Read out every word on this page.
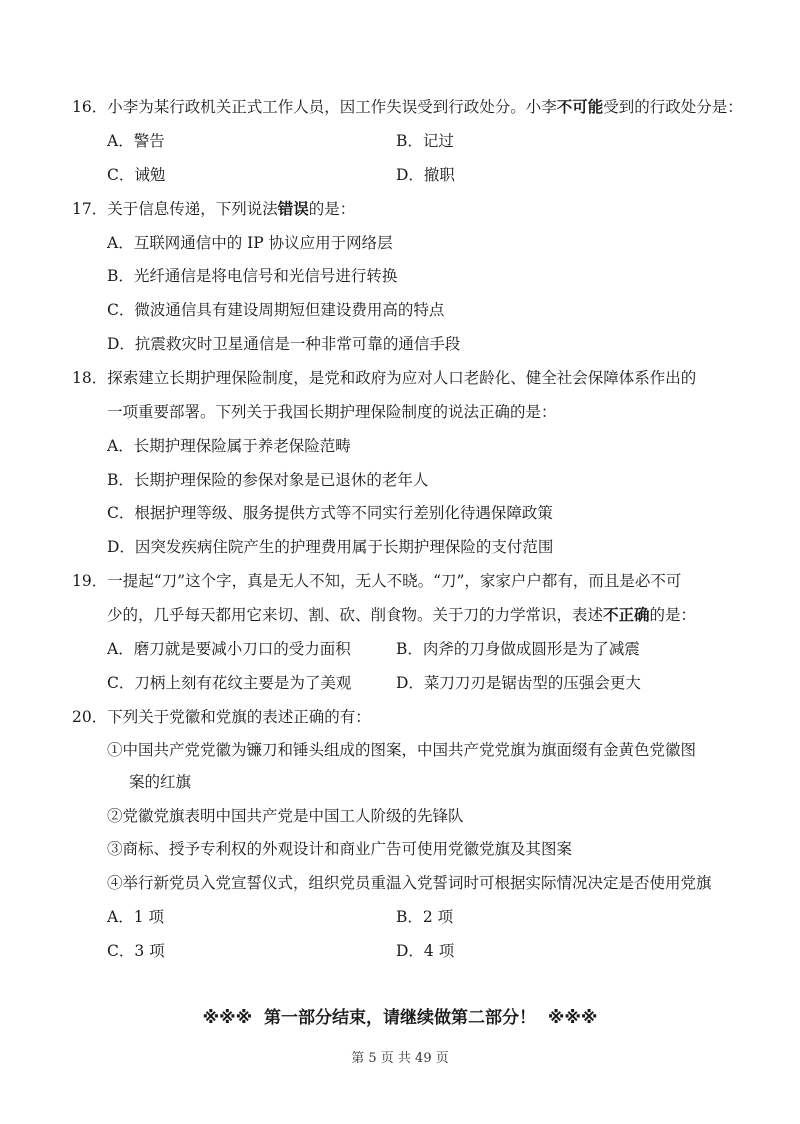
16．小李为某行政机关正式工作人员，因工作失误受到行政处分。小李不可能受到的行政处分是：
A．警告	B．记过
C．诫勉	D．撤职
17．关于信息传递，下列说法错误的是：
A．互联网通信中的 IP 协议应用于网络层
B．光纤通信是将电信号和光信号进行转换
C．微波通信具有建设周期短但建设费用高的特点
D．抗震救灾时卫星通信是一种非常可靠的通信手段
18．探索建立长期护理保险制度，是党和政府为应对人口老龄化、健全社会保障体系作出的
一项重要部署。下列关于我国长期护理保险制度的说法正确的是：
A．长期护理保险属于养老保险范畴
B．长期护理保险的参保对象是已退休的老年人
C．根据护理等级、服务提供方式等不同实行差别化待遇保障政策
D．因突发疾病住院产生的护理费用属于长期护理保险的支付范围
19．一提起“刀”这个字，真是无人不知，无人不晓。“刀”，家家户户都有，而且是必不可
少的，几乎每天都用它来切、割、砍、削食物。关于刀的力学常识，表述不正确的是：
A．磨刀就是要减小刀口的受力面积	B．肉斧的刀身做成圆形是为了减震
C．刀柄上刻有花纹主要是为了美观	D．菜刀刀刃是锯齿型的压强会更大
20．下列关于党徽和党旗的表述正确的有：
①中国共产党党徽为镰刀和锤头组成的图案，中国共产党党旗为旗面缀有金黄色党徽图
案的红旗
②党徽党旗表明中国共产党是中国工人阶级的先锋队
③商标、授予专利权的外观设计和商业广告可使用党徽党旗及其图案
④举行新党员入党宣誓仪式，组织党员重温入党誓词时可根据实际情况决定是否使用党旗
A．1 项	B．2 项
C．3 项	D．4 项
※※※  第一部分结束，请继续做第二部分！  ※※※
第 5 页 共 49 页
